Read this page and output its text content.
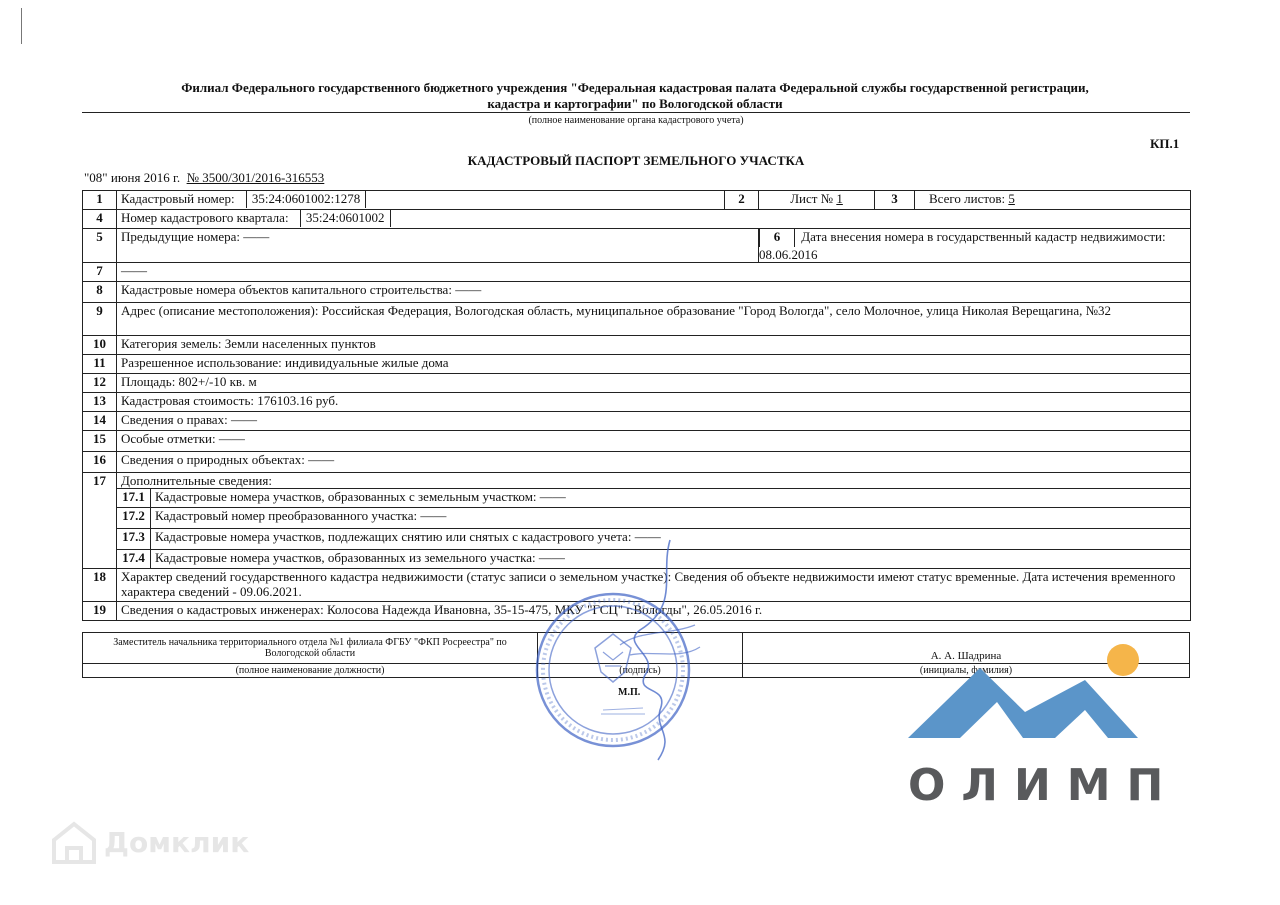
Филиал Федерального государственного бюджетного учреждения "Федеральная кадастровая палата Федеральной службы государственной регистрации,
кадастра и картографии" по Вологодской области
(полное наименование органа кадастрового учета)
КП.1
КАДАСТРОВЫЙ ПАСПОРТ ЗЕМЕЛЬНОГО УЧАСТКА
"08" июня 2016 г. № 3500/301/2016-316553
1	Кадастровый номер: 35:24:0601002:1278		2	Лист № 1	3	Всего листов: 5
4	Номер кадастрового квартала: 35:24:0601002					
5	Предыдущие номера: ——			6 Дата внесения номера в государственный кадастр недвижимости: 08.06.2016		
7	——					
8	Кадастровые номера объектов капитального строительства: ——					
9	Адрес (описание местоположения): Российская Федерация, Вологодская область, муниципальное образование "Город Вологда", село Молочное, улица Николая Верещагина, №32					
10	Категория земель: Земли населенных пунктов					
11	Разрешенное использование: индивидуальные жилые дома					
12	Площадь: 802+/-10 кв. м					
13	Кадастровая стоимость: 176103.16 руб.					
14	Сведения о правах: ——					
15	Особые отметки: ——					
16	Сведения о природных объектах: ——					
17	Дополнительные сведения:					
	17.1	Кадастровые номера участков, образованных с земельным участком: ——				
	17.2	Кадастровый номер преобразованного участка: ——				
	17.3	Кадастровые номера участков, подлежащих снятию или снятых с кадастрового учета: ——				
	17.4	Кадастровые номера участков, образованных из земельного участка: ——				
18	Характер сведений государственного кадастра недвижимости (статус записи о земельном участке): Сведения об объекте недвижимости имеют статус временные. Дата истечения временного характера сведений - 09.06.2021.					
19	Сведения о кадастровых инженерах: Колосова Надежда Ивановна, 35-15-475, МКУ "ГСЦ" г.Вологды", 26.05.2016 г.					
Заместитель начальника территориального отдела №1 филиала ФГБУ "ФКП Росреестра" по
Вологодской области		А. А. Шадрина
(полное наименование должности)	(подпись)	(инициалы, фамилия)
М.П.
ОЛИМП
Домклик
